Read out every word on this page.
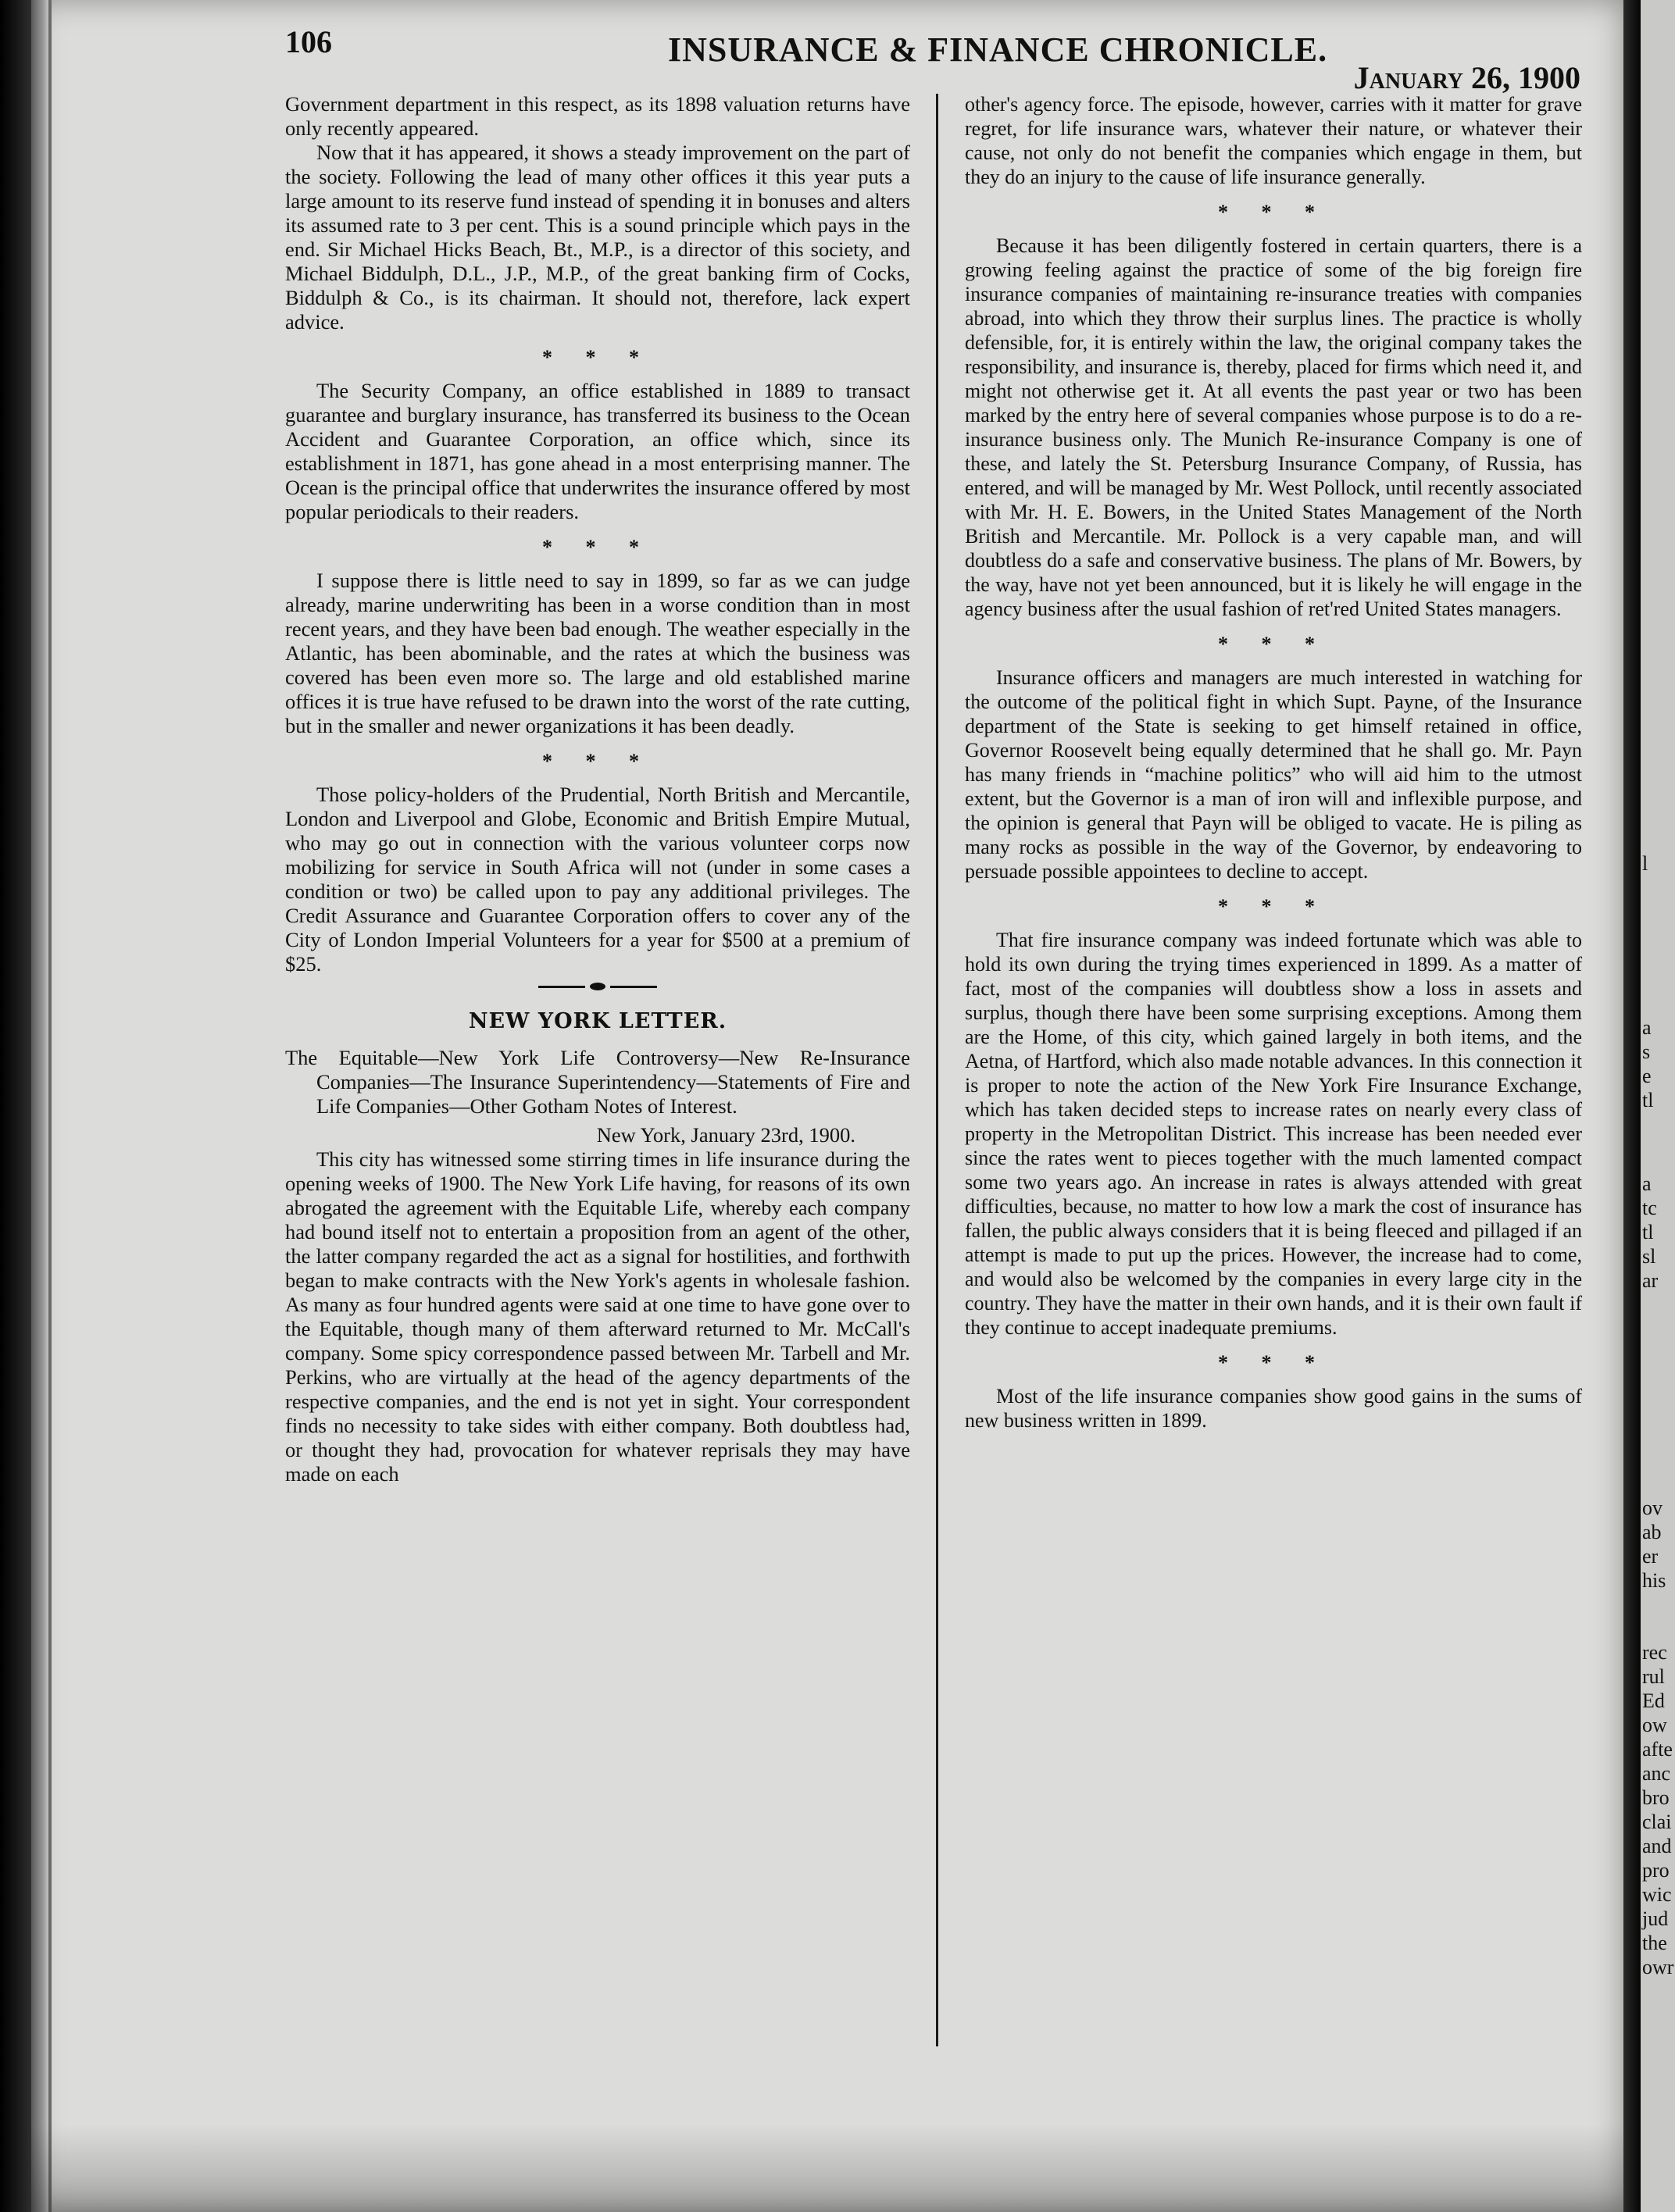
106	INSURANCE & FINANCE CHRONICLE.
January 26, 1900

Government department in this respect, as its 1898 valuation returns have only recently appeared.

Now that it has appeared, it shows a steady improvement on the part of the society. Following the lead of many other offices it this year puts a large amount to its reserve fund instead of spending it in bonuses and alters its assumed rate to 3 per cent. This is a sound principle which pays in the end. Sir Michael Hicks Beach, Bt., M.P., is a director of this society, and Michael Biddulph, D.L., J.P., M.P., of the great banking firm of Cocks, Biddulph & Co., is its chairman. It should not, therefore, lack expert advice.

* * *

The Security Company, an office established in 1889 to transact guarantee and burglary insurance, has transferred its business to the Ocean Accident and Guarantee Corporation, an office which, since its establishment in 1871, has gone ahead in a most enterprising manner. The Ocean is the principal office that underwrites the insurance offered by most popular periodicals to their readers.

* * *

I suppose there is little need to say in 1899, so far as we can judge already, marine underwriting has been in a worse condition than in most recent years, and they have been bad enough. The weather especially in the Atlantic, has been abominable, and the rates at which the business was covered has been even more so. The large and old established marine offices it is true have refused to be drawn into the worst of the rate cutting, but in the smaller and newer organizations it has been deadly.

* * *

Those policy-holders of the Prudential, North British and Mercantile, London and Liverpool and Globe, Economic and British Empire Mutual, who may go out in connection with the various volunteer corps now mobilizing for service in South Africa will not (under in some cases a condition or two) be called upon to pay any additional privileges. The Credit Assurance and Guarantee Corporation offers to cover any of the City of London Imperial Volunteers for a year for $500 at a premium of $25.

NEW YORK LETTER.

The Equitable—New York Life Controversy—New Re-Insurance Companies—The Insurance Superintendency—Statements of Fire and Life Companies—Other Gotham Notes of Interest.

New York, January 23rd, 1900.

This city has witnessed some stirring times in life insurance during the opening weeks of 1900. The New York Life having, for reasons of its own abrogated the agreement with the Equitable Life, whereby each company had bound itself not to entertain a proposition from an agent of the other, the latter company regarded the act as a signal for hostilities, and forthwith began to make contracts with the New York's agents in wholesale fashion. As many as four hundred agents were said at one time to have gone over to the Equitable, though many of them afterward returned to Mr. McCall's company. Some spicy correspondence passed between Mr. Tarbell and Mr. Perkins, who are virtually at the head of the agency departments of the respective companies, and the end is not yet in sight. Your correspondent finds no necessity to take sides with either company. Both doubtless had, or thought they had, provocation for whatever reprisals they may have made on each

other's agency force. The episode, however, carries with it matter for grave regret, for life insurance wars, whatever their nature, or whatever their cause, not only do not benefit the companies which engage in them, but they do an injury to the cause of life insurance generally.

* * *

Because it has been diligently fostered in certain quarters, there is a growing feeling against the practice of some of the big foreign fire insurance companies of maintaining re-insurance treaties with companies abroad, into which they throw their surplus lines. The practice is wholly defensible, for, it is entirely within the law, the original company takes the responsibility, and insurance is, thereby, placed for firms which need it, and might not otherwise get it. At all events the past year or two has been marked by the entry here of several companies whose purpose is to do a re-insurance business only. The Munich Re-insurance Company is one of these, and lately the St. Petersburg Insurance Company, of Russia, has entered, and will be managed by Mr. West Pollock, until recently associated with Mr. H. E. Bowers, in the United States Management of the North British and Mercantile. Mr. Pollock is a very capable man, and will doubtless do a safe and conservative business. The plans of Mr. Bowers, by the way, have not yet been announced, but it is likely he will engage in the agency business after the usual fashion of ret'red United States managers.

* * *

Insurance officers and managers are much interested in watching for the outcome of the political fight in which Supt. Payne, of the Insurance department of the State is seeking to get himself retained in office, Governor Roosevelt being equally determined that he shall go. Mr. Payn has many friends in “machine politics” who will aid him to the utmost extent, but the Governor is a man of iron will and inflexible purpose, and the opinion is general that Payn will be obliged to vacate. He is piling as many rocks as possible in the way of the Governor, by endeavoring to persuade possible appointees to decline to accept.

* * *

That fire insurance company was indeed fortunate which was able to hold its own during the trying times experienced in 1899. As a matter of fact, most of the companies will doubtless show a loss in assets and surplus, though there have been some surprising exceptions. Among them are the Home, of this city, which gained largely in both items, and the Aetna, of Hartford, which also made notable advances. In this connection it is proper to note the action of the New York Fire Insurance Exchange, which has taken decided steps to increase rates on nearly every class of property in the Metropolitan District. This increase has been needed ever since the rates went to pieces together with the much lamented compact some two years ago. An increase in rates is always attended with great difficulties, because, no matter to how low a mark the cost of insurance has fallen, the public always considers that it is being fleeced and pillaged if an attempt is made to put up the prices. However, the increase had to come, and would also be welcomed by the companies in every large city in the country. They have the matter in their own hands, and it is their own fault if they continue to accept inadequate premiums.

* * *

Most of the life insurance companies show good gains in the sums of new business written in 1899.

l
a
s
e
tl
a
tc
tl
sl
ar
ov
ab
er
his
rec
rul
Ed
ow
afte
anc
bro
clai
and
pro
wic
jud
the
owr
